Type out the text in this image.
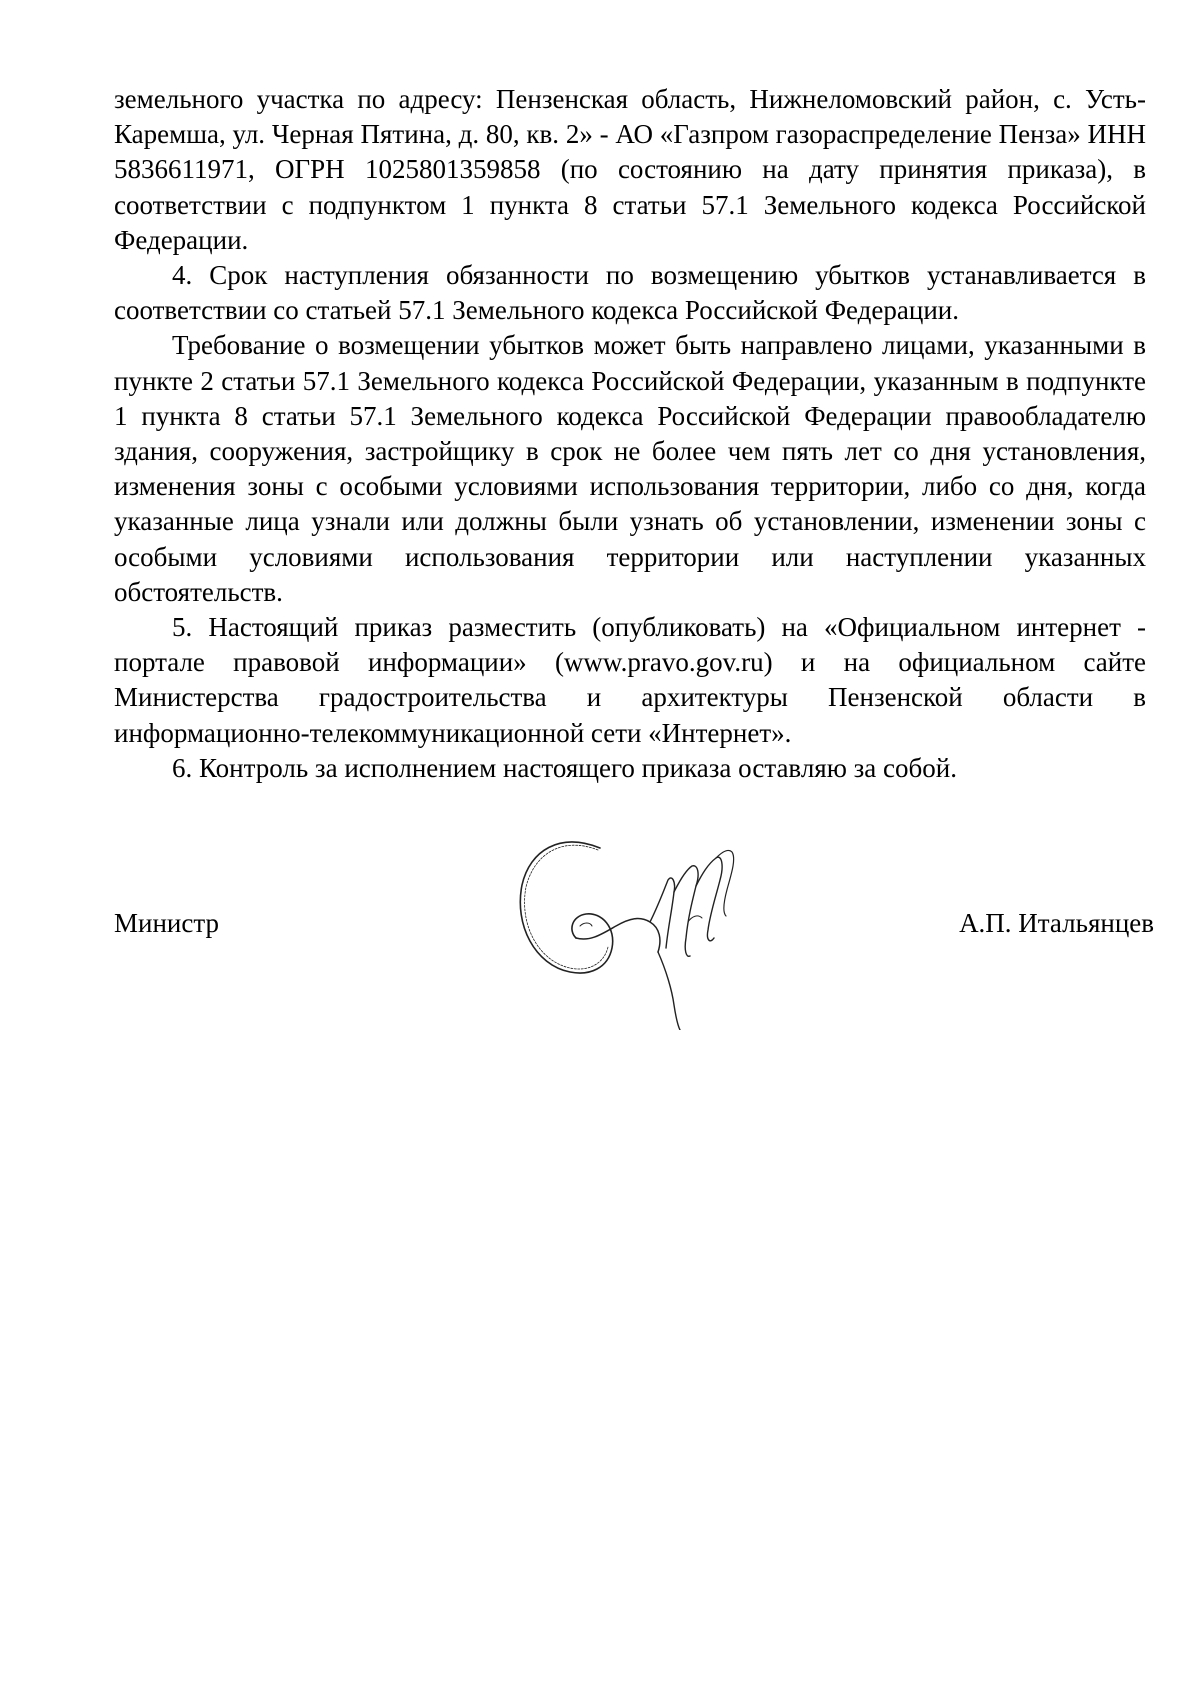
земельного участка по адресу: Пензенская область, Нижнеломовский район, с. Усть-Каремша, ул. Черная Пятина, д. 80, кв. 2» - АО «Газпром газораспределение Пенза» ИНН 5836611971, ОГРН 1025801359858 (по состоянию на дату принятия приказа), в соответствии с подпунктом 1 пункта 8 статьи 57.1 Земельного кодекса Российской Федерации.

4. Срок наступления обязанности по возмещению убытков устанавливается в соответствии со статьей 57.1 Земельного кодекса Российской Федерации.

Требование о возмещении убытков может быть направлено лицами, указанными в пункте 2 статьи 57.1 Земельного кодекса Российской Федерации, указанным в подпункте 1 пункта 8 статьи 57.1 Земельного кодекса Российской Федерации правообладателю здания, сооружения, застройщику в срок не более чем пять лет со дня установления, изменения зоны с особыми условиями использования территории, либо со дня, когда указанные лица узнали или должны были узнать об установлении, изменении зоны с особыми условиями использования территории или наступлении указанных обстоятельств.

5. Настоящий приказ разместить (опубликовать) на «Официальном интернет - портале правовой информации» (www.pravo.gov.ru) и на официальном сайте Министерства градостроительства и архитектуры Пензенской области в информационно-телекоммуникационной сети «Интернет».

6. Контроль за исполнением настоящего приказа оставляю за собой.

Министр	А.П. Итальянцев
